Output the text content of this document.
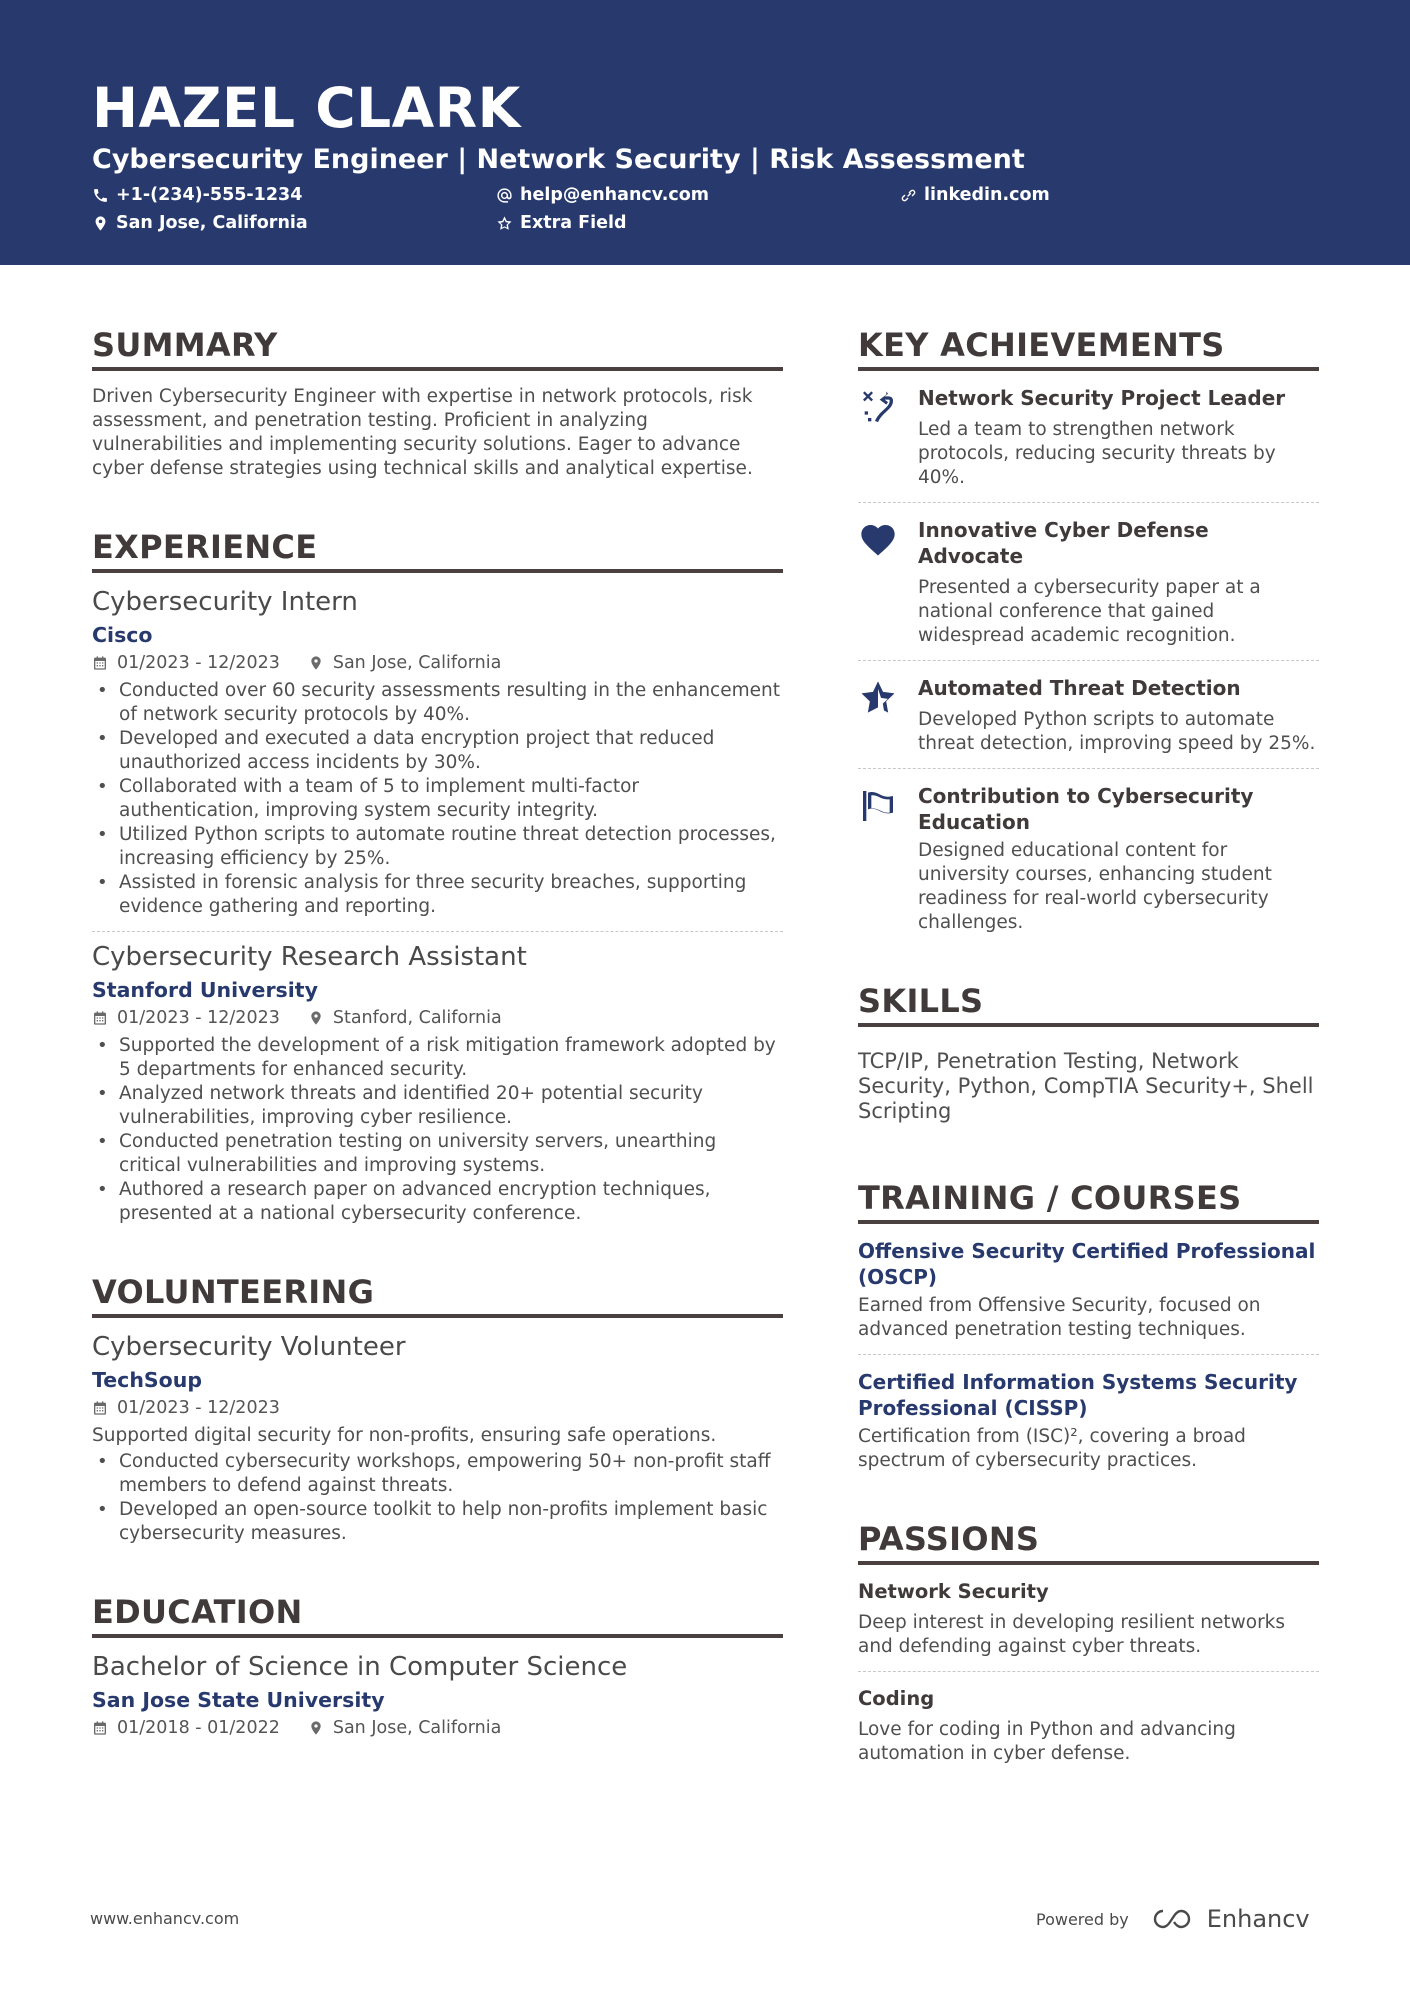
HAZEL CLARK
Cybersecurity Engineer | Network Security | Risk Assessment
+1-(234)-555-1234	help@enhancv.com	linkedin.com
San Jose, California	Extra Field
SUMMARY
Driven Cybersecurity Engineer with expertise in network protocols, risk assessment, and penetration testing. Proficient in analyzing vulnerabilities and implementing security solutions. Eager to advance cyber defense strategies using technical skills and analytical expertise.
EXPERIENCE
Cybersecurity Intern
Cisco
01/2023 - 12/2023	San Jose, California
• Conducted over 60 security assessments resulting in the enhancement of network security protocols by 40%.
• Developed and executed a data encryption project that reduced unauthorized access incidents by 30%.
• Collaborated with a team of 5 to implement multi-factor authentication, improving system security integrity.
• Utilized Python scripts to automate routine threat detection processes, increasing efficiency by 25%.
• Assisted in forensic analysis for three security breaches, supporting evidence gathering and reporting.
Cybersecurity Research Assistant
Stanford University
01/2023 - 12/2023	Stanford, California
• Supported the development of a risk mitigation framework adopted by 5 departments for enhanced security.
• Analyzed network threats and identified 20+ potential security vulnerabilities, improving cyber resilience.
• Conducted penetration testing on university servers, unearthing critical vulnerabilities and improving systems.
• Authored a research paper on advanced encryption techniques, presented at a national cybersecurity conference.
VOLUNTEERING
Cybersecurity Volunteer
TechSoup
01/2023 - 12/2023
Supported digital security for non-profits, ensuring safe operations.
• Conducted cybersecurity workshops, empowering 50+ non-profit staff members to defend against threats.
• Developed an open-source toolkit to help non-profits implement basic cybersecurity measures.
EDUCATION
Bachelor of Science in Computer Science
San Jose State University
01/2018 - 01/2022	San Jose, California
KEY ACHIEVEMENTS
Network Security Project Leader
Led a team to strengthen network protocols, reducing security threats by 40%.
Innovative Cyber Defense Advocate
Presented a cybersecurity paper at a national conference that gained widespread academic recognition.
Automated Threat Detection
Developed Python scripts to automate threat detection, improving speed by 25%.
Contribution to Cybersecurity Education
Designed educational content for university courses, enhancing student readiness for real-world cybersecurity challenges.
SKILLS
TCP/IP, Penetration Testing, Network Security, Python, CompTIA Security+, Shell Scripting
TRAINING / COURSES
Offensive Security Certified Professional (OSCP)
Earned from Offensive Security, focused on advanced penetration testing techniques.
Certified Information Systems Security Professional (CISSP)
Certification from (ISC)², covering a broad spectrum of cybersecurity practices.
PASSIONS
Network Security
Deep interest in developing resilient networks and defending against cyber threats.
Coding
Love for coding in Python and advancing automation in cyber defense.
www.enhancv.com	Powered by	Enhancv
